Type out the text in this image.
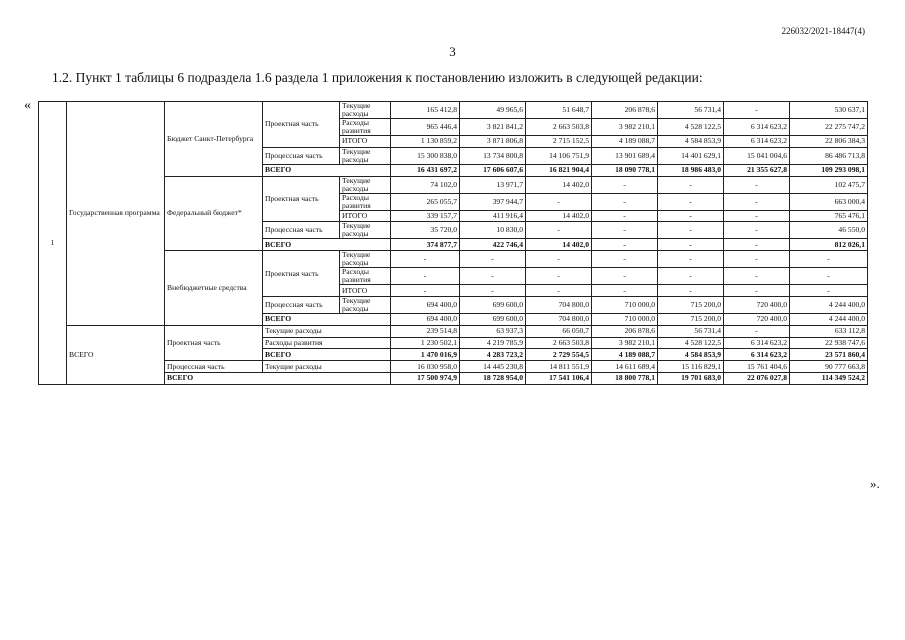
226032/2021-18447(4)
3
1.2. Пункт 1 таблицы 6 подраздела 1.6 раздела 1 приложения к постановлению изложить в следующей редакции:
«
1	Государственная программа	Бюджет Санкт-Петербурга	Проектная часть	Текущие расходы	165 412,8	49 965,6	51 648,7	206 878,6	56 731,4	-	530 637,1
				Расходы развития	965 446,4	3 821 841,2	2 663 503,8	3 982 210,1	4 528 122,5	6 314 623,2	22 275 747,2
				ИТОГО	1 130 859,2	3 871 806,8	2 715 152,5	4 189 088,7	4 584 853,9	6 314 623,2	22 806 384,3
			Процессная часть	Текущие расходы	15 300 838,0	13 734 800,8	14 106 751,9	13 901 689,4	14 401 629,1	15 041 004,6	86 486 713,8
			ВСЕГО		16 431 697,2	17 606 607,6	16 821 904,4	18 090 778,1	18 986 483,0	21 355 627,8	109 293 098,1
		Федеральный бюджет*	Проектная часть	Текущие расходы	74 102,0	13 971,7	14 402,0	-	-	-	102 475,7
				Расходы развития	265 055,7	397 944,7	-	-	-	-	663 000,4
				ИТОГО	339 157,7	411 916,4	14 402,0	-	-	-	765 476,1
			Процессная часть	Текущие расходы	35 720,0	10 830,0	-	-	-	-	46 550,0
			ВСЕГО		374 877,7	422 746,4	14 402,0	-	-	-	812 026,1
		Внебюджетные средства	Проектная часть	Текущие расходы	-	-	-	-	-	-	-
				Расходы развития	-	-	-	-	-	-	-
				ИТОГО	-	-	-	-	-	-	-
			Процессная часть	Текущие расходы	694 400,0	699 600,0	704 800,0	710 000,0	715 200,0	720 400,0	4 244 400,0
			ВСЕГО		694 400,0	699 600,0	704 800,0	710 000,0	715 200,0	720 400,0	4 244 400,0
	ВСЕГО	Проектная часть	Текущие расходы		239 514,8	63 937,3	66 050,7	206 878,6	56 731,4	-	633 112,8
			Расходы развития		1 230 502,1	4 219 785,9	2 663 503,8	3 982 210,1	4 528 122,5	6 314 623,2	22 938 747,6
			ВСЕГО		1 470 016,9	4 283 723,2	2 729 554,5	4 189 088,7	4 584 853,9	6 314 623,2	23 571 860,4
		Процессная часть	Текущие расходы		16 030 958,0	14 445 230,8	14 811 551,9	14 611 689,4	15 116 829,1	15 761 404,6	90 777 663,8
		ВСЕГО			17 500 974,9	18 728 954,0	17 541 106,4	18 800 778,1	19 701 683,0	22 076 027,8	114 349 524,2
».
